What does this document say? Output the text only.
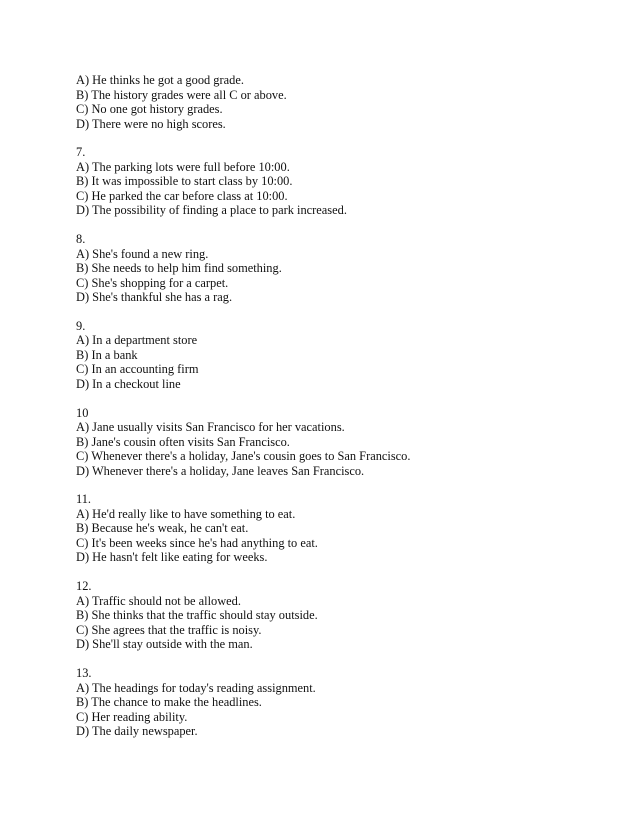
A) He thinks he got a good grade.
B) The history grades were all C or above.
C) No one got history grades.
D) There were no high scores.
7.
A) The parking lots were full before 10:00.
B) It was impossible to start class by 10:00.
C) He parked the car before class at 10:00.
D) The possibility of finding a place to park increased.
8.
A) She's found a new ring.
B) She needs to help him find something.
C) She's shopping for a carpet.
D) She's thankful she has a rag.
9.
A) In a department store
B) In a bank
C) In an accounting firm
D) In a checkout line
10
A) Jane usually visits San Francisco for her vacations.
B) Jane's cousin often visits San Francisco.
C) Whenever there's a holiday, Jane's cousin goes to San Francisco.
D) Whenever there's a holiday, Jane leaves San Francisco.
11.
A) He'd really like to have something to eat.
B) Because he's weak, he can't eat.
C) It's been weeks since he's had anything to eat.
D) He hasn't felt like eating for weeks.
12.
A) Traffic should not be allowed.
B) She thinks that the traffic should stay outside.
C) She agrees that the traffic is noisy.
D) She'll stay outside with the man.
13.
A) The headings for today's reading assignment.
B) The chance to make the headlines.
C) Her reading ability.
D) The daily newspaper.
